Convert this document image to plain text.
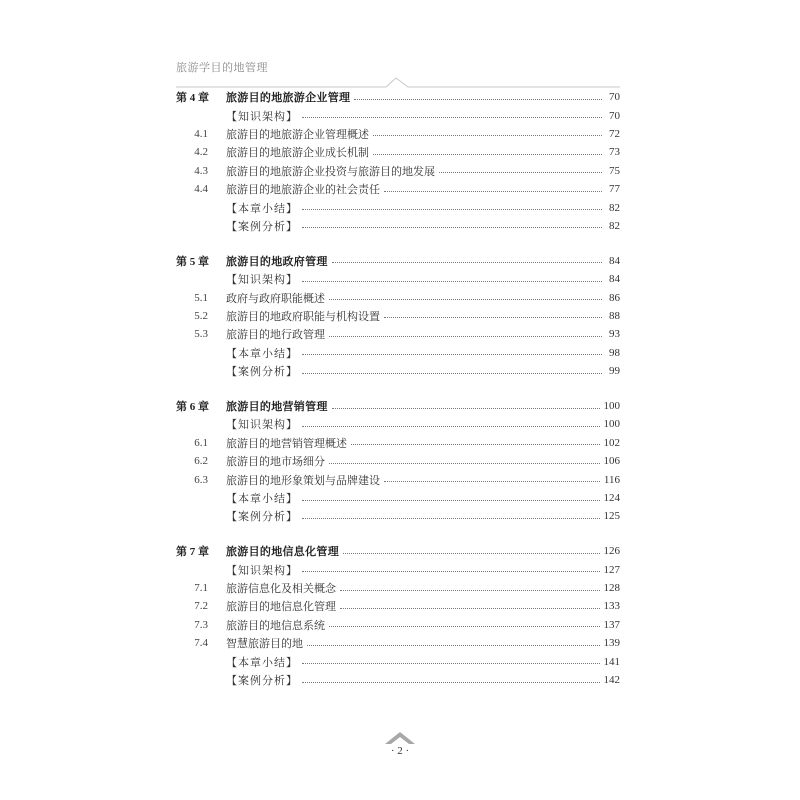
旅游学目的地管理
第 4 章	旅游目的地旅游企业管理	70
【知识架构】	70
4.1 旅游目的地旅游企业管理概述	72
4.2 旅游目的地旅游企业成长机制	73
4.3 旅游目的地旅游企业投资与旅游目的地发展	75
4.4 旅游目的地旅游企业的社会责任	77
【本章小结】	82
【案例分析】	82
第 5 章	旅游目的地政府管理	84
【知识架构】	84
5.1 政府与政府职能概述	86
5.2 旅游目的地政府职能与机构设置	88
5.3 旅游目的地行政管理	93
【本章小结】	98
【案例分析】	99
第 6 章	旅游目的地营销管理	100
【知识架构】	100
6.1 旅游目的地营销管理概述	102
6.2 旅游目的地市场细分	106
6.3 旅游目的地形象策划与品牌建设	116
【本章小结】	124
【案例分析】	125
第 7 章	旅游目的地信息化管理	126
【知识架构】	127
7.1 旅游信息化及相关概念	128
7.2 旅游目的地信息化管理	133
7.3 旅游目的地信息系统	137
7.4 智慧旅游目的地	139
【本章小结】	141
【案例分析】	142
· 2 ·
